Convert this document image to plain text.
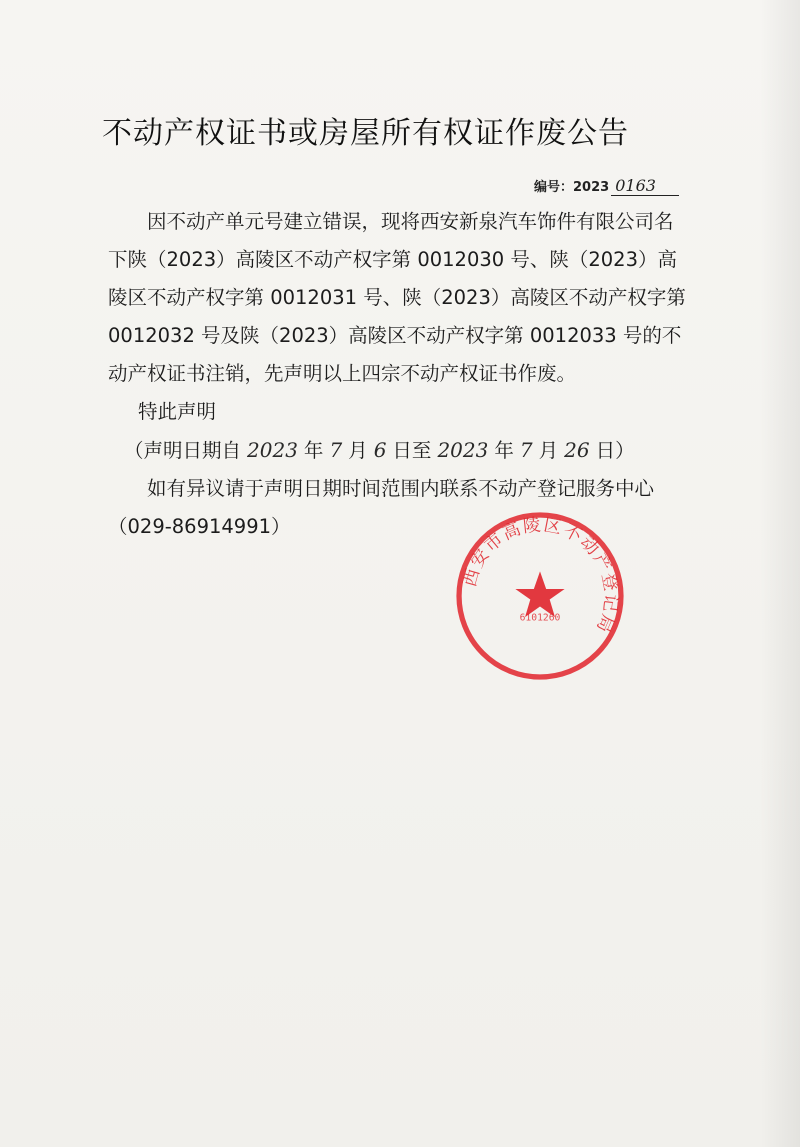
不动产权证书或房屋所有权证作废公告
编号：2023 0163

因不动产单元号建立错误，现将西安新泉汽车饰件有限公司名下陕（2023）高陵区不动产权字第 0012030 号、陕（2023）高陵区不动产权字第 0012031 号、陕（2023）高陵区不动产权字第 0012032 号及陕（2023）高陵区不动产权字第 0012033 号的不动产权证书注销，先声明以上四宗不动产权证书作废。

特此声明

（声明日期自 2023 年 7 月 6 日至 2023 年 7 月 26 日）

如有异议请于声明日期时间范围内联系不动产登记服务中心（029-86914991）

西安市高陵区不动产登记局
6101260
